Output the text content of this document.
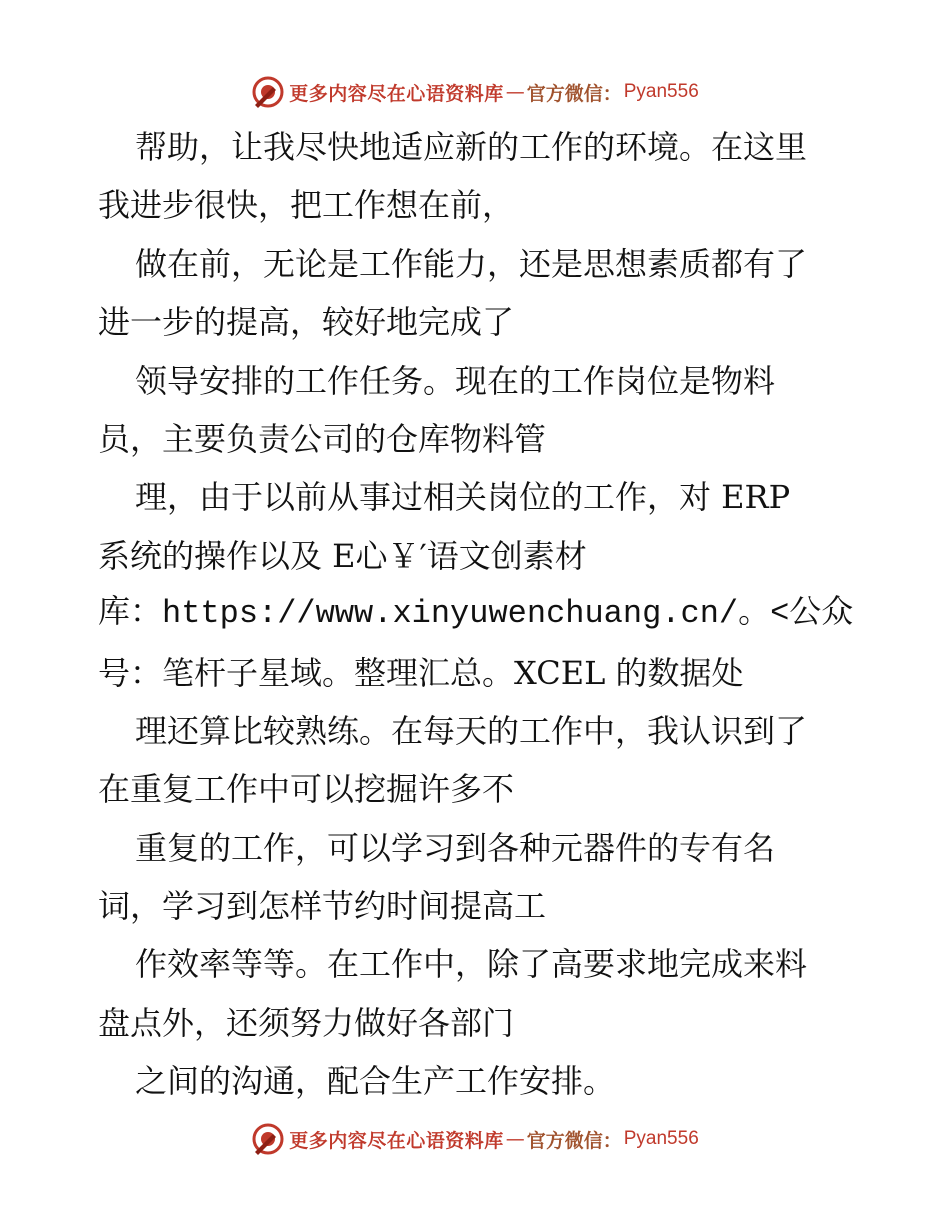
更多内容尽在心语资料库 — 官方微信： Pyan556
帮助，让我尽快地适应新的工作的环境。在这里
我进步很快，把工作想在前，
做在前，无论是工作能力，还是思想素质都有了
进一步的提高，较好地完成了
领导安排的工作任务。现在的工作岗位是物料
员，主要负责公司的仓库物料管
理，由于以前从事过相关岗位的工作，对 ERP
系统的操作以及 E心￥′语文创素材
库：https://www.xinyuwenchuang.cn/。<公众
号：笔杆子星域。整理汇总。XCEL 的数据处
理还算比较熟练。在每天的工作中，我认识到了
在重复工作中可以挖掘许多不
重复的工作，可以学习到各种元器件的专有名
词，学习到怎样节约时间提高工
作效率等等。在工作中，除了高要求地完成来料
盘点外，还须努力做好各部门
之间的沟通，配合生产工作安排。
更多内容尽在心语资料库 — 官方微信： Pyan556
